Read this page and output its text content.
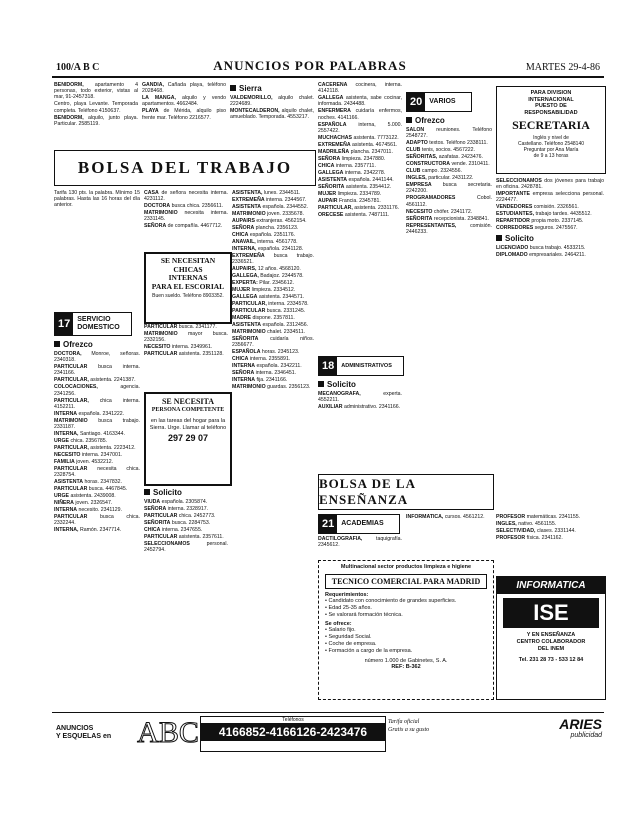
100/A B C	ANUNCIOS POR PALABRAS	MARTES 29-4-86

BENIDORM, apartamento 4 personas, todo exterior, vistas al mar, 91-2457318.

Centro, playa Levante. Temporada completa. Teléfono 4150637.

BENIDORM, alquilo, junto playa. Particular. 2585119.

GANDIA, Cañada playa, teléfono 2028468.

LA MANGA, alquilo y vendo apartamentos. 4662484.

PLAYA de Mérida, alquilo piso frente mar. Teléfono 2216577.

Sierra

VALDEMORILLO, alquilo chalet. 2224689.

MONTECALDERON, alquilo chalet, amueblado. Temporada. 4553217.

CACEREÑA cocinera, interna. 4142118.

GALLEGA asistenta, sabe cocinar, informada. 2434488.

ENFERMERA cuidaría enfermos, noches. 4141166.

ESPAÑOLA interna, 5.000. 2557422.

MUCHACHAS asistenta. 7773122.

EXTREMEÑA asistenta. 4674561.

MADRILEÑA plancha. 2347011.

SEÑORA limpieza. 2347880.

CHICA interna. 2357711.

GALLEGA interna. 2342278.

ASISTENTA española. 2441144.

SEÑORITA asistenta. 2354412.

MUJER limpieza. 2334789.

AUPAIR Francia. 2345781.

PARTICULAR, asistenta. 2331176.

ORECESE asistenta. 7487111.

20	VARIOS
Ofrezco

SALON reuniones. Teléfono 2548727.

ADAPTO textos. Teléfono 2338111.

CLUB tenis, socios. 4567222.

SEÑORITAS, azafatas. 2423476.

CONSTRUCTORA vende. 2310411.

CLUB campo. 2324556.

INGLES, particular. 2431122.

EMPRESA busca secretaria. 2242200.

PROGRAMADORES	Cobol. 4561112.

NECESITO chófer. 2341172.

SEÑORITA recepcionista. 2348841.

REPRESENTANTES,	comisión. 2446233.

PARA DIVISION
INTERNACIONAL
PUESTO DE
RESPONSABILIDAD
SECRETARIA
Inglés y nivel de
Castellano. Teléfono 2548140
Preguntar por Ana María
de 9 a 13 horas

SELECCIONAMOS dos jóvenes para trabajo en oficina. 2428781.

IMPORTANTE empresa selecciona personal. 2224477.

VENDEDORES comisión. 2326561.

ESTUDIANTES, trabajo tardes. 4435512.

REPARTIDOR propia moto. 2337145.

CORREDORES seguros. 2475567.

Solicito

LICENCIADO busca trabajo. 4533215.

DIPLOMADO empresariales. 2464211.

BOLSA DEL TRABAJO

Tarifa 130 pts. la palabra. Mínimo 15 palabras. Hasta las 16 horas del día anterior.

17	SERVICIO
DOMESTICO
Ofrezco

DOCTORA, Monroe, señoras. 2340318.

PARTICULAR busca interna. 2341166.

PARTICULAR, asistenta. 2241387.

COLOCACIONES,	agencia. 2341256.

PARTICULAR, chica interna. 4152211.

INTERNA española. 2341222.

MATRIMONIO busca trabajo. 2331187.

INTERNA, Santiago. 4163344.

URGE chica. 2356785.

PARTICULAR, asistenta. 2223412.

NECESITO interna. 2347001.

FAMILIA joven. 4532212.

PARTICULAR necesita chica. 2328754.

ASISTENTA horas. 2347832.

PARTICULAR busca. 4467845.

URGE asistenta. 2439008.

NIÑERA joven. 2326547.

INTERNA necesito. 2341129.

PARTICULAR busca chica. 2332244.

INTERNA, Ramón. 2347714.

CASA de señora necesita interna. 4231112.

DOCTORA busca chica. 2356611.

MATRIMONIO necesita interna. 2331145.

SEÑORA de compañía. 4467712.

SE NECESITAN
CHICAS
INTERNAS
PARA EL ESCORIAL
Buen sueldo. Teléfono 8903352.

PARTICULAR busca. 2341177.

MATRIMONIO mayor busca. 2332156.

NECESITO interna. 2349961.

PARTICULAR asistenta. 2351128.

SE NECESITA
PERSONA COMPETENTE
en las tareas del hogar para la Sierra. Urge. Llamar al teléfono
297 29 07
Solicito

VIUDA española. 2305874.

SEÑORA interna. 2328917.

PARTICULAR chica. 2452773.

SEÑORITA busca. 2284753.

CHICA interna. 2347655.

PARTICULAR asistenta. 2357611.

SELECCIONAMOS	personal. 2452794.

ASISTENTA, lunes. 2344511.

EXTREMEÑA interna. 2344567.

ASISTENTA española. 2344552.

MATRIMONIO joven. 2335678.

AUPAIRS extranjeras. 4562154.

SEÑORA plancha. 2356123.

CHICA española. 2351176.

ANAVAIL, interna. 4561778.

INTERNA, española. 2341128.

EXTREMEÑA busca trabajo. 2336521.

AUPAIRS, 12 años. 4568120.

GALLEGA, Badajoz. 2344578.

EXPERTA: Pilar. 2345612.

MUJER limpieza. 2334512.

GALLEGA asistenta. 2344571.

PARTICULAR, interna. 2334578.

PARTICULAR busca. 2331245.

MADRE dispone. 2357811.

ASISTENTA española. 2312456.

MATRIMONIO chalet. 2334511.

SEÑORITA cuidaría niños. 2356677.

ESPAÑOLA horas. 2345123.

CHICA interna. 2355891.

INTERNA española. 2342211.

SEÑORA interna. 2346451.

INTERNA fija. 2341166.

MATRIMONIO guardas. 2356123.

18	ADMINISTRATIVOS
Solicito

MECANOGRAFA,	experta. 4552211.

AUXILIAR administrativo. 2341166.

BOLSA DE LA ENSEÑANZA
21	ACADEMIAS

DACTILOGRAFIA,	taquigrafía. 2345612.

INFORMATICA, cursos. 4561212.

Multinacional sector productos limpieza e higiene
TECNICO COMERCIAL PARA MADRID
Requerimientos:
• Candidato con conocimiento de grandes superficies.
• Edad 25-35 años.
• Se valorará formación técnica.
Se ofrece:
• Salario fijo.
• Seguridad Social.
• Coche de empresa.
• Formación a cargo de la empresa.
número 1.000 de Gabinetes, S. A.
REF: B-362

PROFESOR matemáticas. 2341155.

INGLES, nativo. 4561155.

SELECTIVIDAD, clases. 2331144.

PROFESOR física. 2341162.

INFORMATICA
ISE
Y EN ENSEÑANZA
CENTRO COLABORADOR
DEL INEM
Tel. 231 28 73 - 533 12 84
ANUNCIOS
Y ESQUELAS en ABC	Teléfonos
4166852-4166126-2423476
Tarifa oficial
Gratis a su gusto	ARIES
publicidad
